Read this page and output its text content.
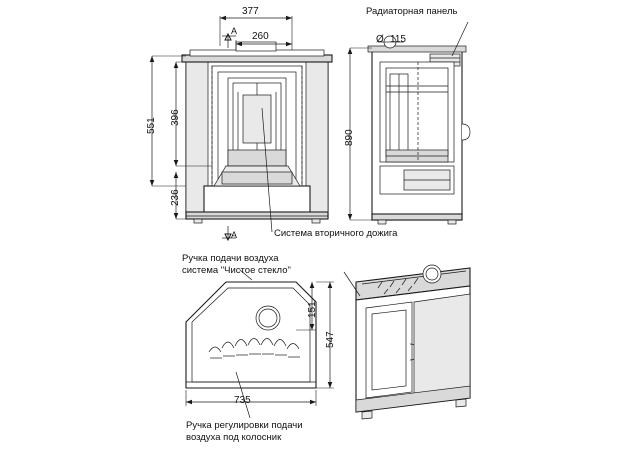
377
260
A
A
551 396
236
890
Ø 115
735
547
151
Радиаторная панель
Система вторичного дожига
Ручка подачи воздуха
система "Чистое стекло"
Ручка регулировки подачи
воздуха под колосник
